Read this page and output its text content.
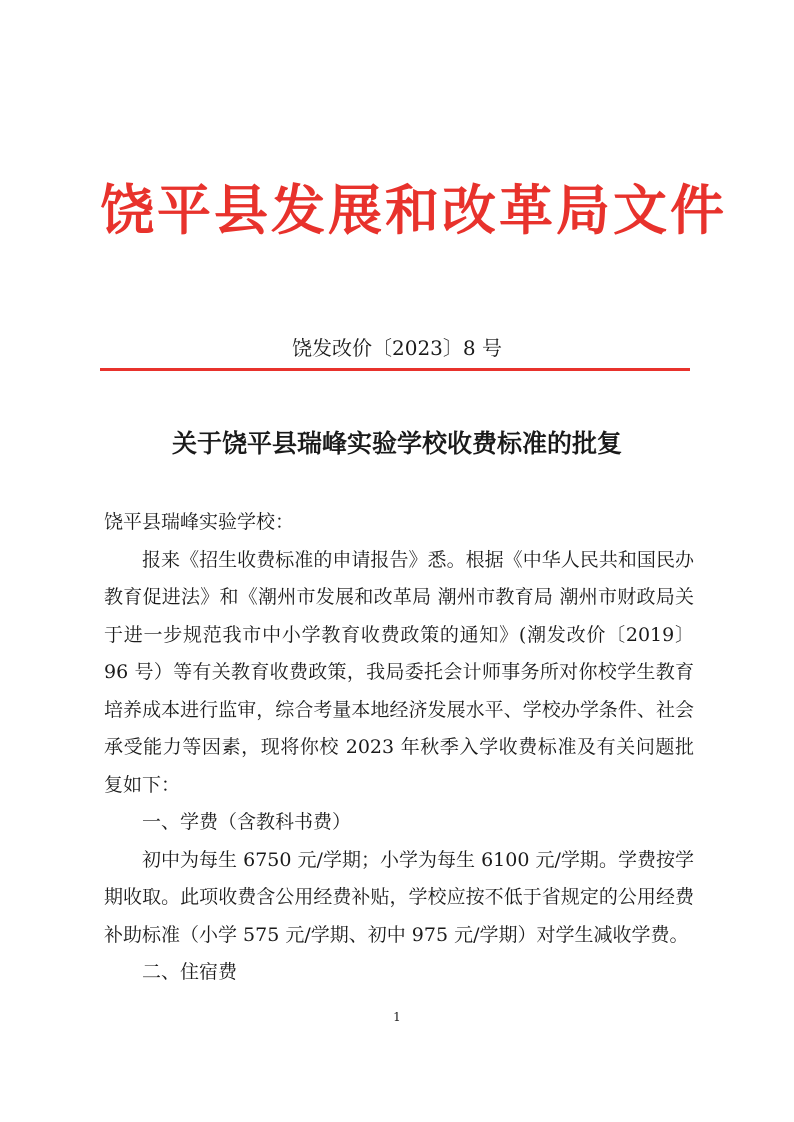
饶平县发展和改革局文件
饶发改价〔2023〕8 号
关于饶平县瑞峰实验学校收费标准的批复

饶平县瑞峰实验学校：

报来《招生收费标准的申请报告》悉。根据《中华人民共和国民办教育促进法》和《潮州市发展和改革局 潮州市教育局 潮州市财政局关于进一步规范我市中小学教育收费政策的通知》(潮发改价〔2019〕96 号）等有关教育收费政策，我局委托会计师事务所对你校学生教育培养成本进行监审，综合考量本地经济发展水平、学校办学条件、社会承受能力等因素，现将你校 2023 年秋季入学收费标准及有关问题批复如下：

一、学费（含教科书费）

初中为每生 6750 元/学期；小学为每生 6100 元/学期。学费按学期收取。此项收费含公用经费补贴，学校应按不低于省规定的公用经费补助标准（小学 575 元/学期、初中 975 元/学期）对学生减收学费。

二、住宿费

1
